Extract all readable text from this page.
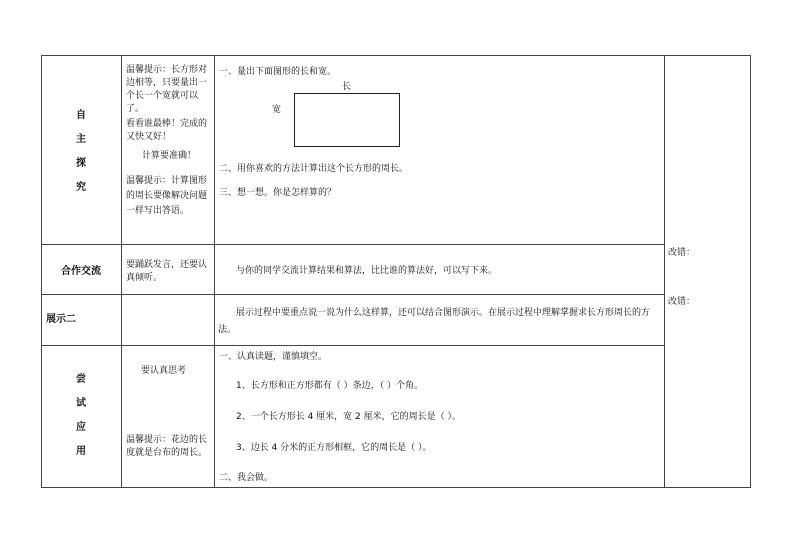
自
主
探
究
温馨提示：长方形对边相等，只要量出一个长一个宽就可以了。
看看谁最棒！完成的又快又好！
计算要准确！
温馨提示：计算图形的周长要像解决问题一样写出答语。
一、量出下面图形的长和宽。
长
宽
二、用你喜欢的方法计算出这个长方形的周长。
三、想一想。你是怎样算的？
合作交流
要踊跃发言，还要认真倾听。
与你的同学交流计算结果和算法，比比谁的算法好，可以写下来。
改错：
展示二
展示过程中要重点说一说为什么这样算，还可以结合图形演示。在展示过程中理解掌握求长方形周长的方法。
改错：
尝
试
应
用
要认真思考
温馨提示：花边的长度就是台布的周长。
一、认真读题，谨慎填空。
1、长方形和正方形都有（ ）条边，（ ）个角。
2、一个长方形长 4 厘米，宽 2 厘米，它的周长是（ ）。
3、边长 4 分米的正方形相框，它的周长是（ ）。
二、我会做。
